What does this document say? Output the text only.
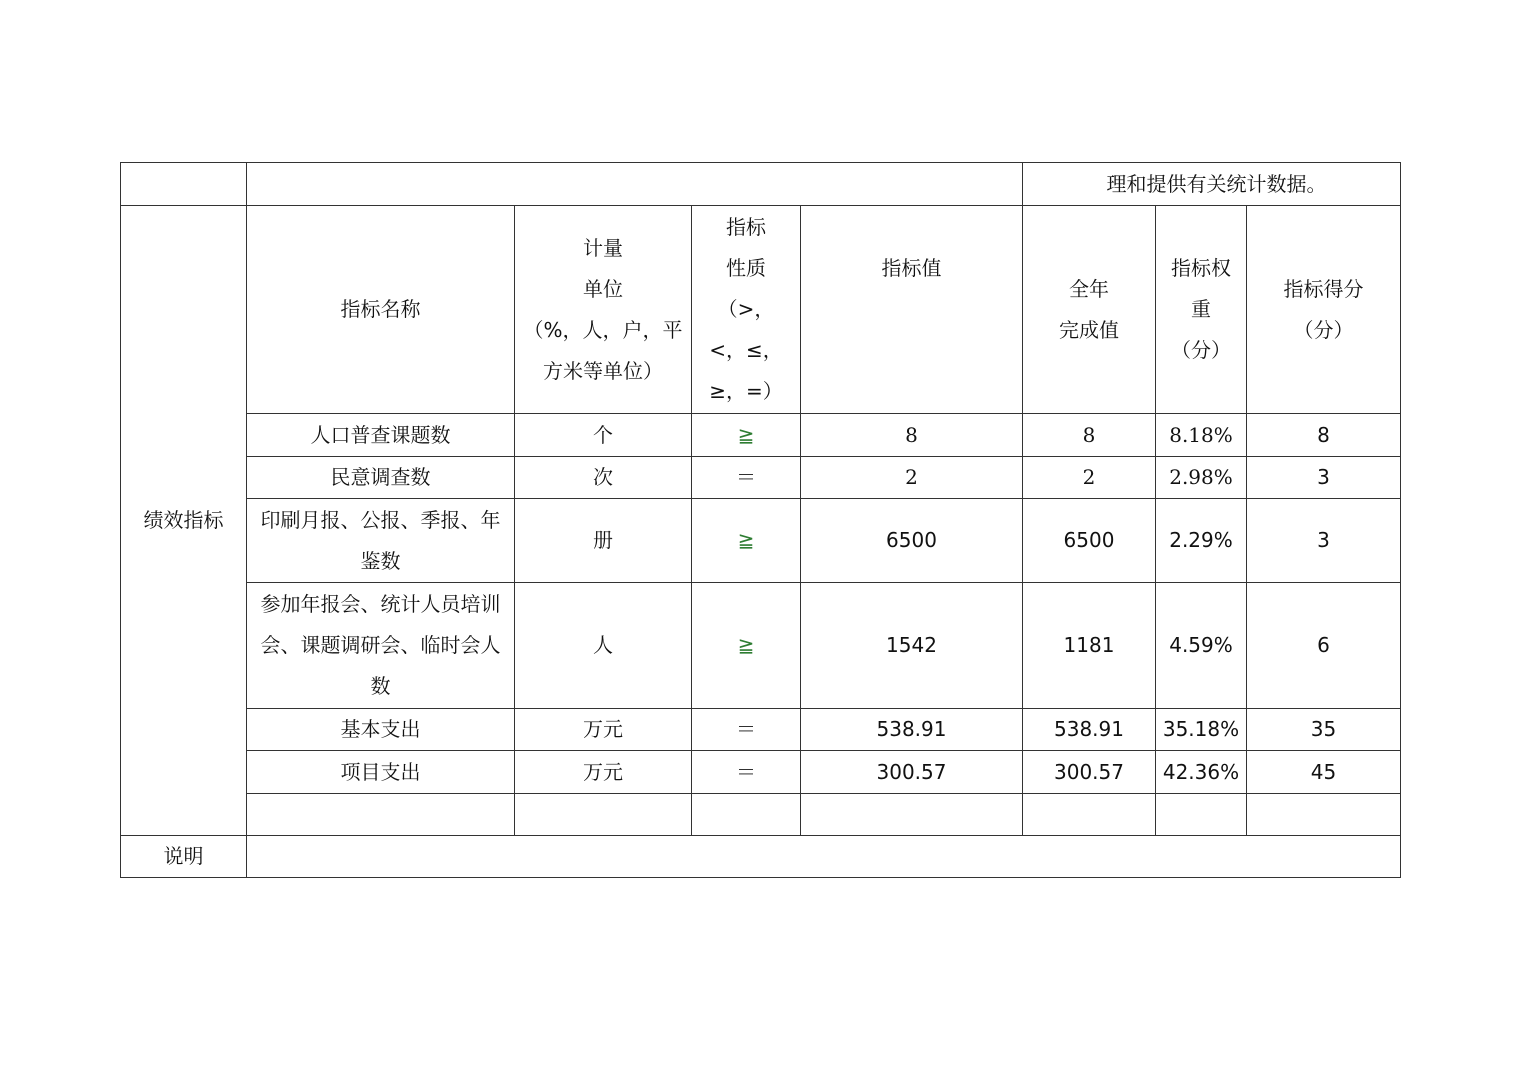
					理和提供有关统计数据。		
绩效指标	指标名称	计量
单位
（%，人，户，平
方米等单位）	指标
性质
（>，
<，≤，
≥，=）	指标值	全年
完成值	指标权
重
（分）	指标得分
（分）

	人口普查课题数	个	≧	8	8	8.18%	8
	民意调查数	次	＝	2	2	2.98%	3

	印刷月报、公报、季报、年
鉴数	册	≧	6500	6500	2.29%	3

	参加年报会、统计人员培训
会、课题调研会、临时会人
数	人	≧	1542	1181	4.59%	6
	基本支出	万元	＝	538.91	538.91	35.18%	35
	项目支出	万元	＝	300.57	300.57	42.36%	45

说明							
